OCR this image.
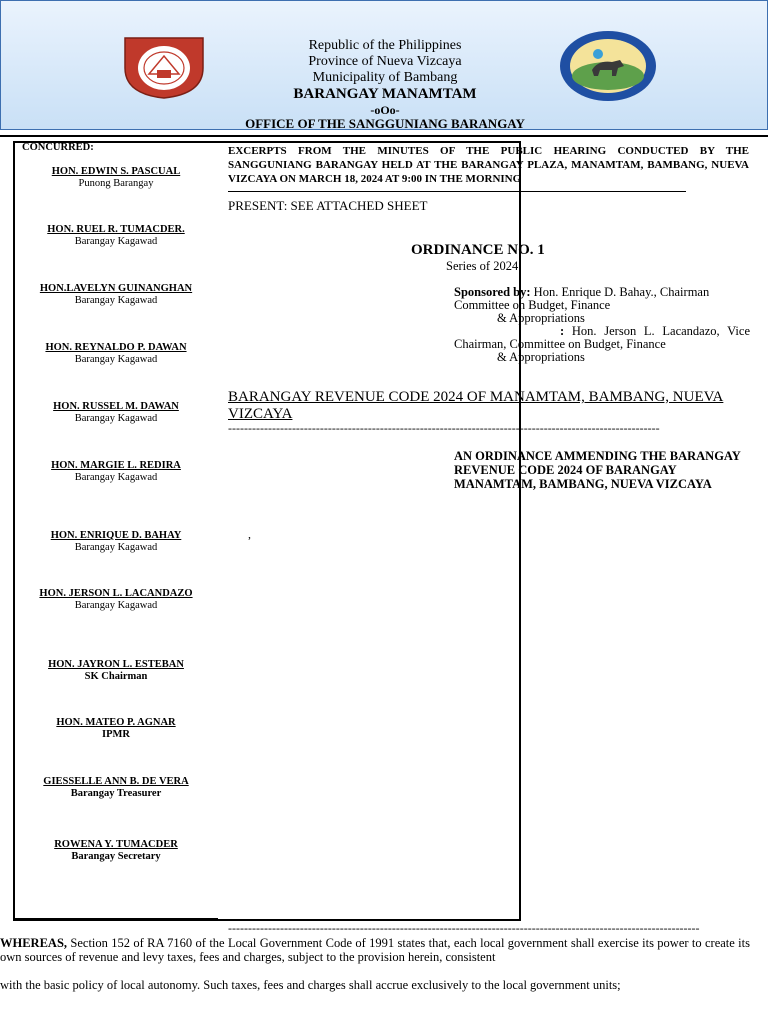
Republic of the Philippines
Province of Nueva Vizcaya
Municipality of Bambang
BARANGAY MANAMTAM
-oOo-
OFFICE OF THE SANGGUNIANG BARANGAY
CONCURRED:
HON. EDWIN S. PASCUAL
Punong Barangay
HON. RUEL R. TUMACDER.
Barangay Kagawad
HON.LAVELYN GUINANGHAN
Barangay Kagawad
HON. REYNALDO P. DAWAN
Barangay Kagawad
HON. RUSSEL M. DAWAN
Barangay Kagawad
HON. MARGIE L. REDIRA
Barangay Kagawad
HON. ENRIQUE D. BAHAY
Barangay Kagawad
HON. JERSON L. LACANDAZO
Barangay Kagawad
HON. JAYRON L. ESTEBAN
SK Chairman
HON. MATEO P. AGNAR
IPMR
GIESSELLE ANN B. DE VERA
Barangay Treasurer
ROWENA Y. TUMACDER
Barangay Secretary
EXCERPTS FROM THE MINUTES OF THE PUBLIC HEARING CONDUCTED BY THE SANGGUNIANG BARANGAY HELD AT THE BARANGAY PLAZA, MANAMTAM, BAMBANG, NUEVA VIZCAYA ON MARCH 18, 2024 AT 9:00 IN THE MORNING
PRESENT: SEE ATTACHED SHEET
ORDINANCE NO. 1
Series of 2024
Sponsored by: Hon. Enrique D. Bahay., Chairman Committee on Budget, Finance
& Appropriations
: Hon. Jerson L. Lacandazo, Vice Chairman, Committee on Budget, Finance
& Appropriations
BARANGAY REVENUE CODE 2024 OF MANAMTAM, BAMBANG, NUEVA VIZCAYA
------------------------------------------------------------------------------------------------------------
AN ORDINANCE AMMENDING THE BARANGAY REVENUE CODE 2024 OF BARANGAY MANAMTAM, BAMBANG, NUEVA VIZCAYA
,
----------------------------------------------------------------------------------------------------------------------
WHEREAS, Section 152 of RA 7160 of the Local Government Code of 1991 states that, each local government shall exercise its power to create its own sources of revenue and levy taxes, fees and charges, subject to the provision herein, consistent
with the basic policy of local autonomy. Such taxes, fees and charges shall accrue exclusively to the local government units;
